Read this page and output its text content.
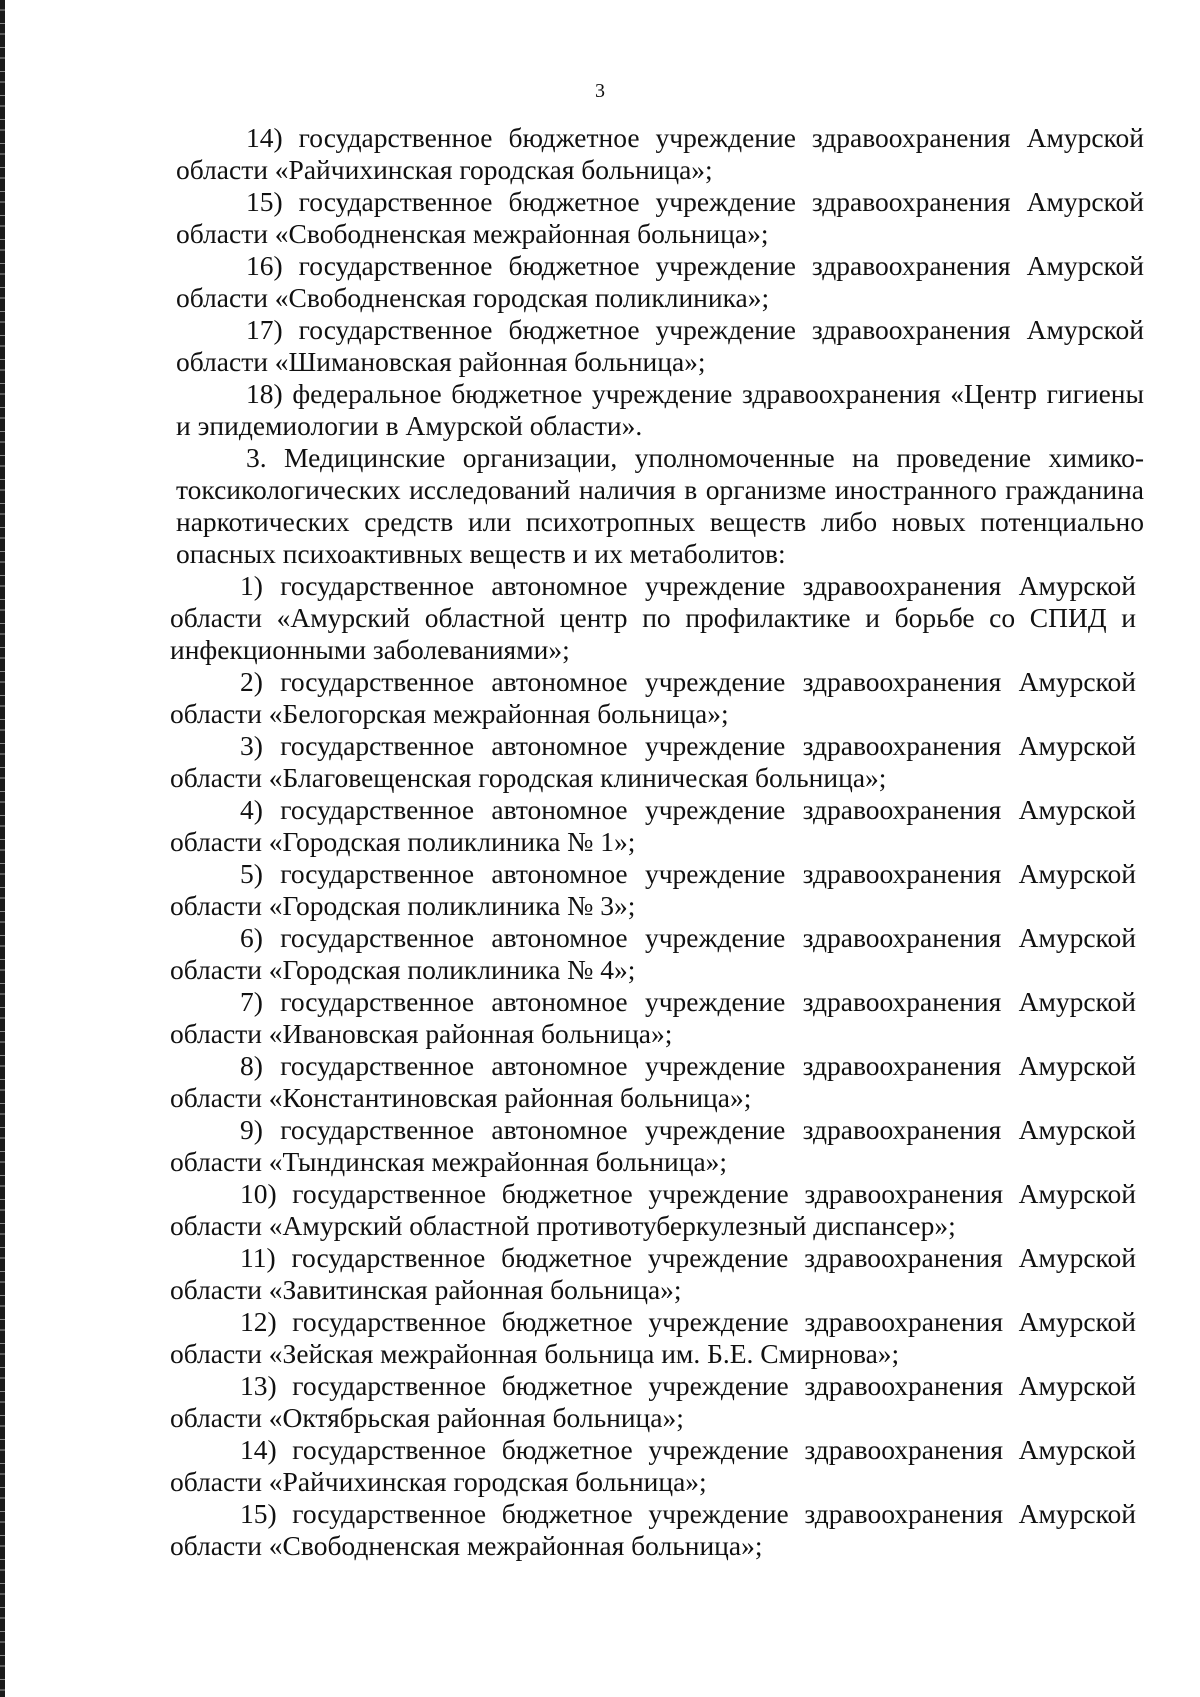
3

14) государственное бюджетное учреждение здравоохранения Амурской области «Райчихинская городская больница»;

15) государственное бюджетное учреждение здравоохранения Амурской области «Свободненская межрайонная больница»;

16) государственное бюджетное учреждение здравоохранения Амурской области «Свободненская городская поликлиника»;

17) государственное бюджетное учреждение здравоохранения Амурской области «Шимановская районная больница»;

18) федеральное бюджетное учреждение здравоохранения «Центр гигиены и эпидемиологии в Амурской области».

3. Медицинские организации, уполномоченные на проведение химико-токсикологических исследований наличия в организме иностранного гражданина наркотических средств или психотропных веществ либо новых потенциально опасных психоактивных веществ и их метаболитов:

1) государственное автономное учреждение здравоохранения Амурской области «Амурский областной центр по профилактике и борьбе со СПИД и инфекционными заболеваниями»;

2) государственное автономное учреждение здравоохранения Амурской области «Белогорская межрайонная больница»;

3) государственное автономное учреждение здравоохранения Амурской области «Благовещенская городская клиническая больница»;

4) государственное автономное учреждение здравоохранения Амурской области «Городская поликлиника № 1»;

5) государственное автономное учреждение здравоохранения Амурской области «Городская поликлиника № 3»;

6) государственное автономное учреждение здравоохранения Амурской области «Городская поликлиника № 4»;

7) государственное автономное учреждение здравоохранения Амурской области «Ивановская районная больница»;

8) государственное автономное учреждение здравоохранения Амурской области «Константиновская районная больница»;

9) государственное автономное учреждение здравоохранения Амурской области «Тындинская межрайонная больница»;

10) государственное бюджетное учреждение здравоохранения Амурской области «Амурский областной противотуберкулезный диспансер»;

11) государственное бюджетное учреждение здравоохранения Амурской области «Завитинская районная больница»;

12) государственное бюджетное учреждение здравоохранения Амурской области «Зейская межрайонная больница им. Б.Е. Смирнова»;

13) государственное бюджетное учреждение здравоохранения Амурской области «Октябрьская районная больница»;

14) государственное бюджетное учреждение здравоохранения Амурской области «Райчихинская городская больница»;

15) государственное бюджетное учреждение здравоохранения Амурской области «Свободненская межрайонная больница»;
